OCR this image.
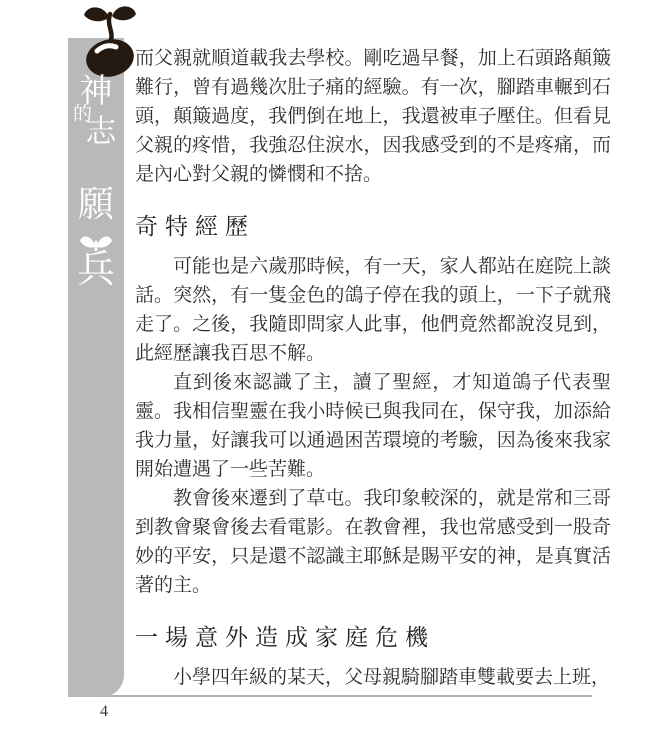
神
的
志
願
兵

而父親就順道載我去學校。剛吃過早餐，加上石頭路顛簸難行，曾有過幾次肚子痛的經驗。有一次，腳踏車輾到石頭，顛簸過度，我們倒在地上，我還被車子壓住。但看見父親的疼惜，我強忍住淚水，因我感受到的不是疼痛，而是內心對父親的憐憫和不捨。

奇特經歷

可能也是六歲那時候，有一天，家人都站在庭院上談話。突然，有一隻金色的鴿子停在我的頭上，一下子就飛走了。之後，我隨即問家人此事，他們竟然都說沒見到，此經歷讓我百思不解。

直到後來認識了主，讀了聖經，才知道鴿子代表聖靈。我相信聖靈在我小時候已與我同在，保守我，加添給我力量，好讓我可以通過困苦環境的考驗，因為後來我家開始遭遇了一些苦難。

教會後來遷到了草屯。我印象較深的，就是常和三哥到教會聚會後去看電影。在教會裡，我也常感受到一股奇妙的平安，只是還不認識主耶穌是賜平安的神，是真實活著的主。

一場意外造成家庭危機

小學四年級的某天，父母親騎腳踏車雙載要去上班，

4
